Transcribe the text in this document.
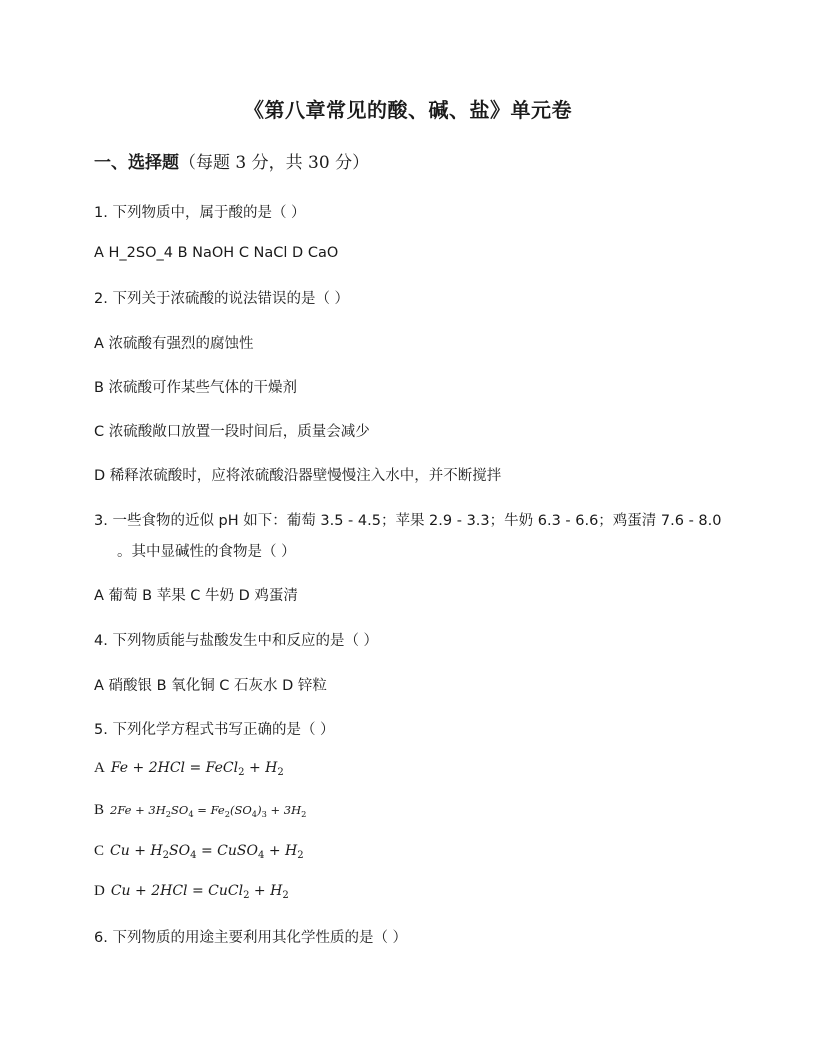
《第八章常见的酸、碱、盐》单元卷
一、选择题（每题 3 分，共 30 分）
1. 下列物质中，属于酸的是（ ）
A H_2SO_4 B NaOH C NaCl D CaO
2. 下列关于浓硫酸的说法错误的是（ ）
A 浓硫酸有强烈的腐蚀性
B 浓硫酸可作某些气体的干燥剂
C 浓硫酸敞口放置一段时间后，质量会减少
D 稀释浓硫酸时，应将浓硫酸沿器壁慢慢注入水中，并不断搅拌
3. 一些食物的近似 pH 如下：葡萄 3.5 - 4.5；苹果 2.9 - 3.3；牛奶 6.3 - 6.6；鸡蛋清 7.6 - 8.0
。其中显碱性的食物是（ ）
A 葡萄 B 苹果 C 牛奶 D 鸡蛋清
4. 下列物质能与盐酸发生中和反应的是（ ）
A 硝酸银 B 氧化铜 C 石灰水 D 锌粒
5. 下列化学方程式书写正确的是（ ）
A Fe + 2HCl = FeCl$_2$ + $H_2$
B $2Fe + 3H_2SO_4 = Fe_2(SO_4)_3 + 3H_2$
C $Cu + H_2SO_4$ = CuSO$_4$ + $H_2$
D Cu + 2HCl = CuCl$_2$ + $H_2$
6. 下列物质的用途主要利用其化学性质的是（ ）
